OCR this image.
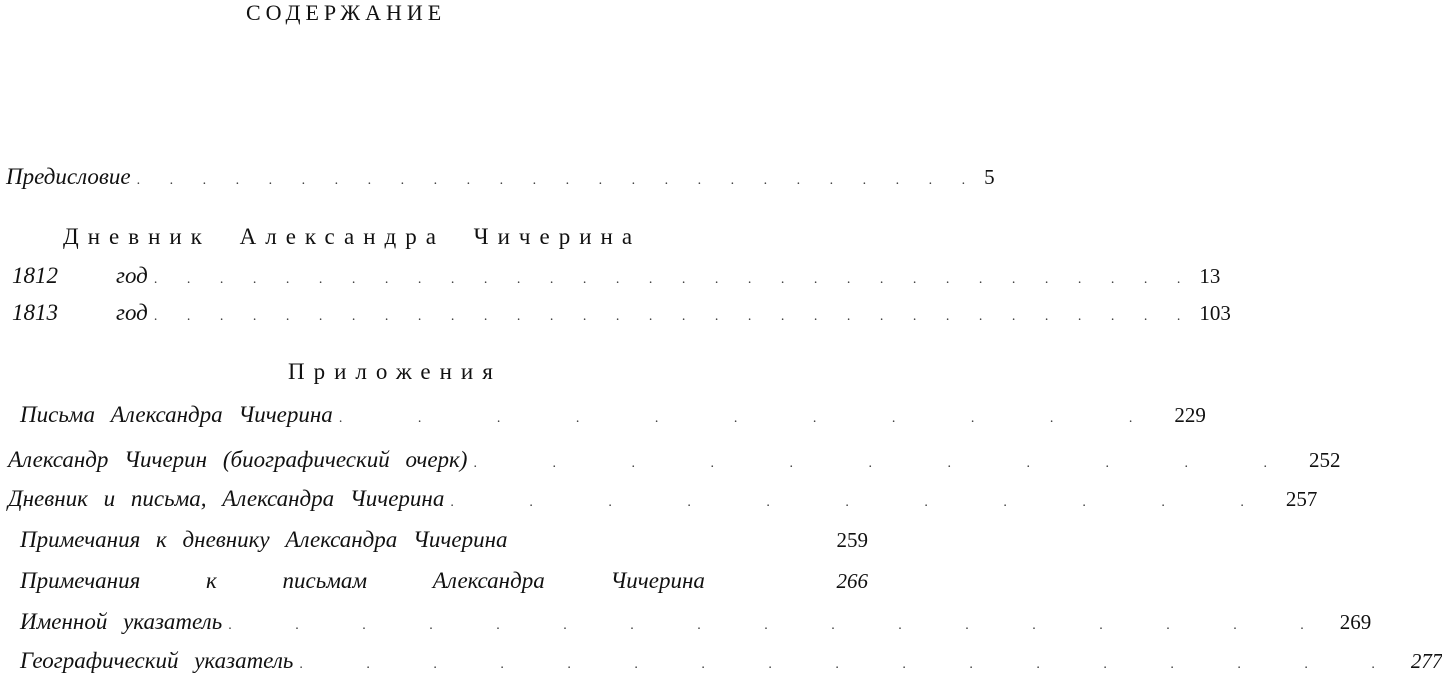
СОДЕРЖАНИЕ
Предисловие . . . . . . . . . . . . . . . . . . . . . . . . . . 5
Дневник Александра Чичерина
1812	год . . . . . . . . . . . . . . . . . . . . . . . . . . . . . . . . 13
1813	год . . . . . . . . . . . . . . . . . . . . . . . . . . . . . . . . 103
Приложения
Письма Александра Чичерина . . . . . . . . . . . 229
Александр Чичерин (биографический очерк) . . . . . . . . . . . 252
Дневник и письма, Александра Чичерина . . . . . . . . . . . 257
Примечания к дневнику Александра Чичерина	259
Примечания к письмам Александра Чичерина	266
Именной указатель . . . . . . . . . . . . . . . . . 269
Географический указатель . . . . . . . . . . . . . . . . . 277
